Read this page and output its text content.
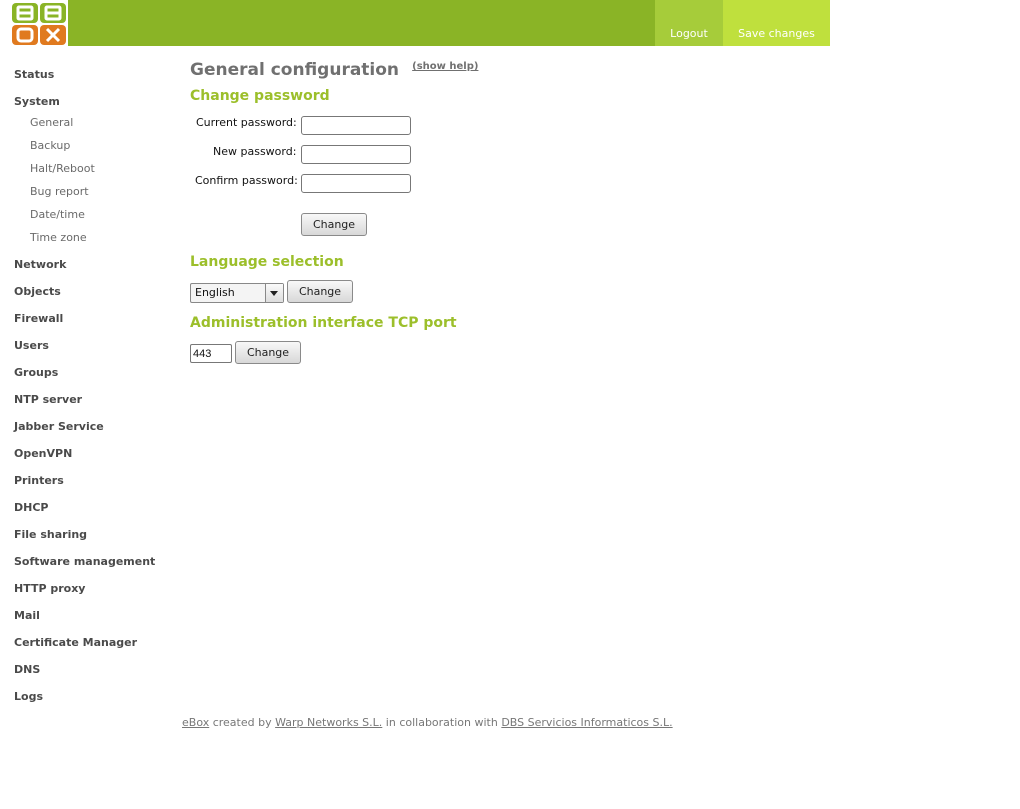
Logout	Save changes
Status
System
General
Backup
Halt/Reboot
Bug report
Date/time
Time zone
Network
Objects
Firewall
Users
Groups
NTP server
Jabber Service
OpenVPN
Printers
DHCP
File sharing
Software management
HTTP proxy
Mail
Certificate Manager
DNS
Logs
General configuration (show help)
Change password
Current password:
New password:
Confirm password:
Change
Language selection
English	Change
Administration interface TCP port
443
Change
eBox created by Warp Networks S.L. in collaboration with DBS Servicios Informaticos S.L.
